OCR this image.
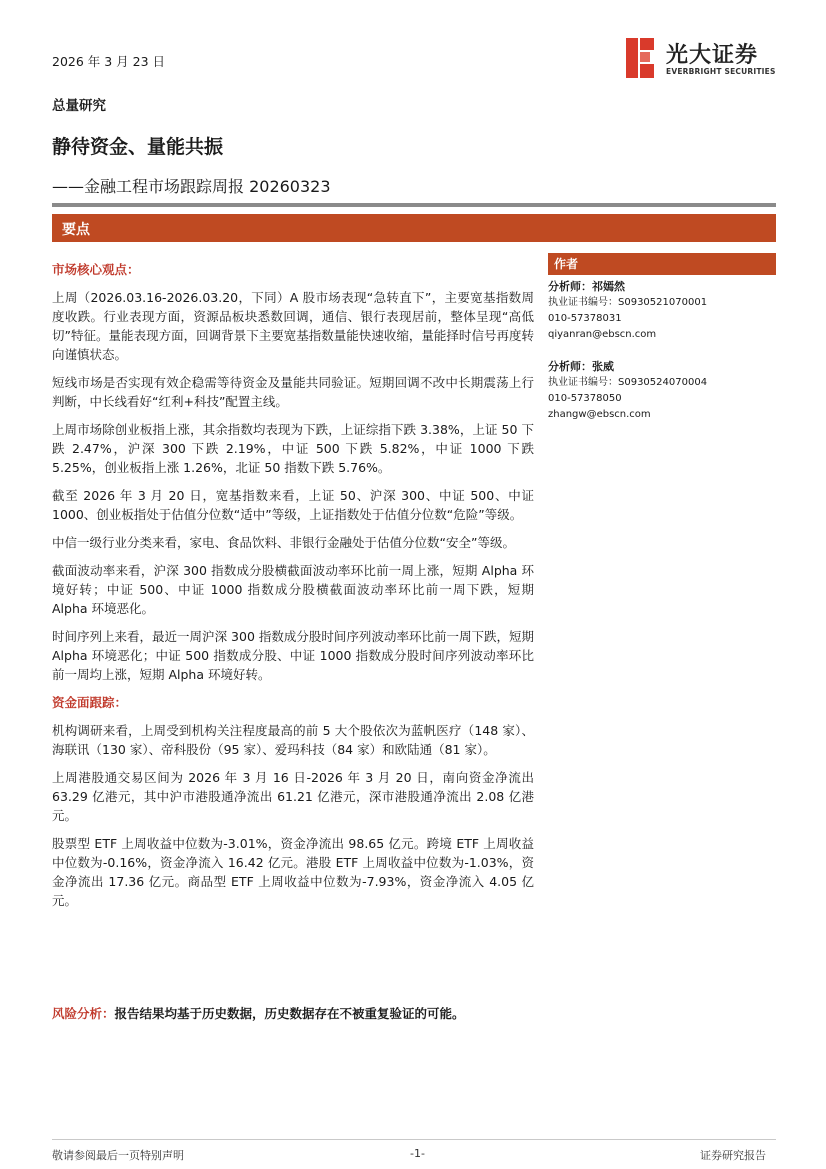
2026 年 3 月 23 日	光大证券
EVERBRIGHT SECURITIES
总量研究
静待资金、量能共振
——金融工程市场跟踪周报 20260323
要点
市场核心观点：

上周（2026.03.16-2026.03.20，下同）A 股市场表现“急转直下”，主要宽基指数周度收跌。行业表现方面，资源品板块悉数回调，通信、银行表现居前，整体呈现“高低切”特征。量能表现方面，回调背景下主要宽基指数量能快速收缩，量能择时信号再度转向谨慎状态。

短线市场是否实现有效企稳需等待资金及量能共同验证。短期回调不改中长期震荡上行判断，中长线看好“红利+科技”配置主线。

上周市场除创业板指上涨，其余指数均表现为下跌，上证综指下跌 3.38%，上证 50 下跌 2.47%，沪深 300 下跌 2.19%，中证 500 下跌 5.82%，中证 1000 下跌 5.25%，创业板指上涨 1.26%，北证 50 指数下跌 5.76%。

截至 2026 年 3 月 20 日，宽基指数来看，上证 50、沪深 300、中证 500、中证 1000、创业板指处于估值分位数“适中”等级，上证指数处于估值分位数“危险”等级。

中信一级行业分类来看，家电、食品饮料、非银行金融处于估值分位数“安全”等级。

截面波动率来看，沪深 300 指数成分股横截面波动率环比前一周上涨，短期 Alpha 环境好转；中证 500、中证 1000 指数成分股横截面波动率环比前一周下跌，短期 Alpha 环境恶化。

时间序列上来看，最近一周沪深 300 指数成分股时间序列波动率环比前一周下跌，短期 Alpha 环境恶化；中证 500 指数成分股、中证 1000 指数成分股时间序列波动率环比前一周均上涨，短期 Alpha 环境好转。

资金面跟踪：

机构调研来看，上周受到机构关注程度最高的前 5 大个股依次为蓝帆医疗（148 家）、海联讯（130 家）、帝科股份（95 家）、爱玛科技（84 家）和欧陆通（81 家）。

上周港股通交易区间为 2026 年 3 月 16 日-2026 年 3 月 20 日，南向资金净流出 63.29 亿港元，其中沪市港股通净流出 61.21 亿港元，深市港股通净流出 2.08 亿港元。

股票型 ETF 上周收益中位数为-3.01%，资金净流出 98.65 亿元。跨境 ETF 上周收益中位数为-0.16%，资金净流入 16.42 亿元。港股 ETF 上周收益中位数为-1.03%，资金净流出 17.36 亿元。商品型 ETF 上周收益中位数为-7.93%，资金净流入 4.05 亿元。

风险分析：报告结果均基于历史数据，历史数据存在不被重复验证的可能。
作者
分析师：祁嫣然
执业证书编号：S0930521070001
010-57378031
qiyanran@ebscn.com
分析师：张威
执业证书编号：S0930524070004
010-57378050
zhangw@ebscn.com
敬请参阅最后一页特别声明	-1-	证券研究报告
